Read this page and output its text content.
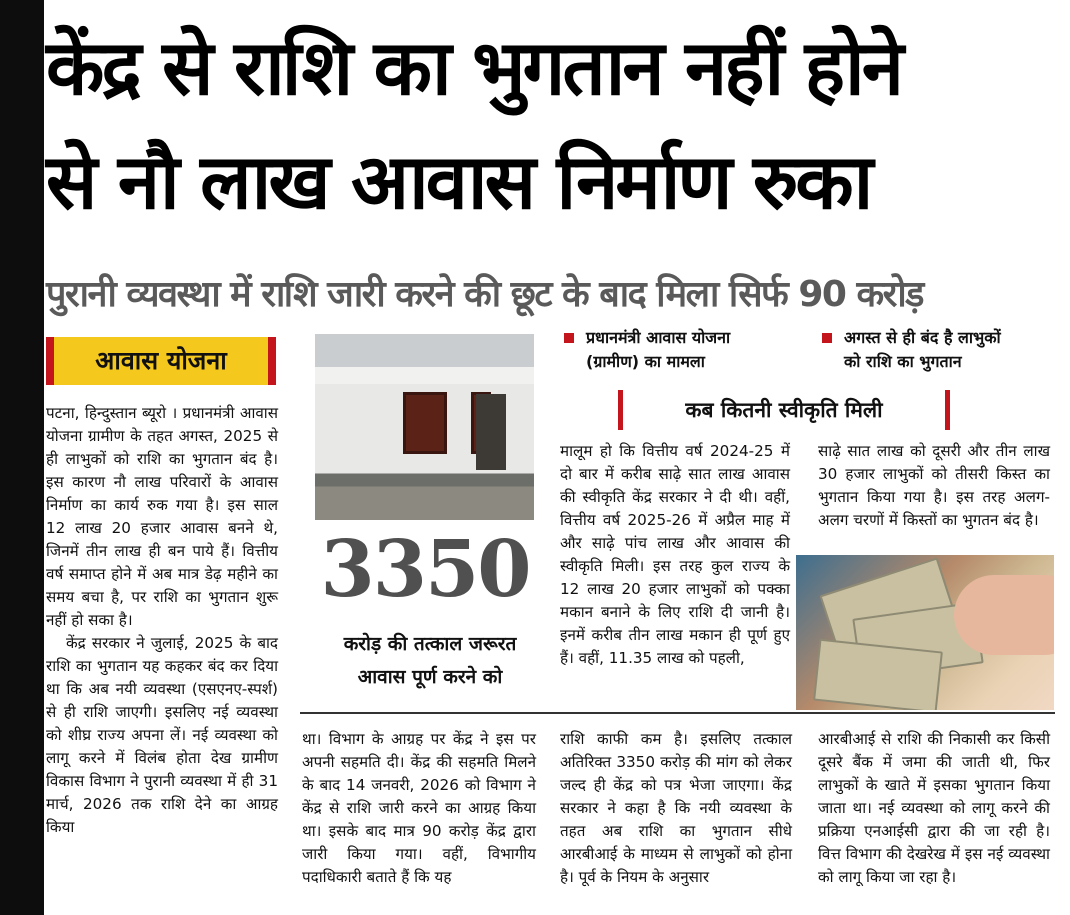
केंद्र से राशि का भुगतान नहीं होने
से नौ लाख आवास निर्माण रुका
पुरानी व्यवस्था में राशि जारी करने की छूट के बाद मिला सिर्फ 90 करोड़
आवास योजना

पटना, हिन्दुस्तान ब्यूरो । प्रधानमंत्री आवास योजना ग्रामीण के तहत अगस्त, 2025 से ही लाभुकों को राशि का भुगतान बंद है। इस कारण नौ लाख परिवारों के आवास निर्माण का कार्य रुक गया है। इस साल 12 लाख 20 हजार आवास बनने थे, जिनमें तीन लाख ही बन पाये हैं। वित्तीय वर्ष समाप्त होने में अब मात्र डेढ़ महीने का समय बचा है, पर राशि का भुगतान शुरू नहीं हो सका है।

केंद्र सरकार ने जुलाई, 2025 के बाद राशि का भुगतान यह कहकर बंद कर दिया था कि अब नयी व्यवस्था (एसएनए-स्पर्श) से ही राशि जाएगी। इसलिए नई व्यवस्था को शीघ्र राज्य अपना लें। नई व्यवस्था को लागू करने में विलंब होता देख ग्रामीण विकास विभाग ने पुरानी व्यवस्था में ही 31 मार्च, 2026 तक राशि देने का आग्रह किया

3350
करोड़ की तत्काल जरूरत
आवास पूर्ण करने को
प्रधानमंत्री आवास योजना
(ग्रामीण) का मामला
अगस्त से ही बंद है लाभुकों
को राशि का भुगतान
कब कितनी स्वीकृति मिली

मालूम हो कि वित्तीय वर्ष 2024-25 में दो बार में करीब साढ़े सात लाख आवास की स्वीकृति केंद्र सरकार ने दी थी। वहीं, वित्तीय वर्ष 2025-26 में अप्रैल माह में और साढ़े पांच लाख और आवास की स्वीकृति मिली। इस तरह कुल राज्य के 12 लाख 20 हजार लाभुकों को पक्का मकान बनाने के लिए राशि दी जानी है। इनमें करीब तीन लाख मकान ही पूर्ण हुए हैं। वहीं, 11.35 लाख को पहली,

साढ़े सात लाख को दूसरी और तीन लाख 30 हजार लाभुकों को तीसरी किस्त का भुगतान किया गया है। इस तरह अलग-अलग चरणों में किस्तों का भुगतन बंद है।

था। विभाग के आग्रह पर केंद्र ने इस पर अपनी सहमति दी। केंद्र की सहमति मिलने के बाद 14 जनवरी, 2026 को विभाग ने केंद्र से राशि जारी करने का आग्रह किया था। इसके बाद मात्र 90 करोड़ केंद्र द्वारा जारी किया गया। वहीं, विभागीय पदाधिकारी बताते हैं कि यह

राशि काफी कम है। इसलिए तत्काल अतिरिक्त 3350 करोड़ की मांग को लेकर जल्द ही केंद्र को पत्र भेजा जाएगा। केंद्र सरकार ने कहा है कि नयी व्यवस्था के तहत अब राशि का भुगतान सीधे आरबीआई के माध्यम से लाभुकों को होना है। पूर्व के नियम के अनुसार

आरबीआई से राशि की निकासी कर किसी दूसरे बैंक में जमा की जाती थी, फिर लाभुकों के खाते में इसका भुगतान किया जाता था। नई व्यवस्था को लागू करने की प्रक्रिया एनआईसी द्वारा की जा रही है। वित्त विभाग की देखरेख में इस नई व्यवस्था को लागू किया जा रहा है।
